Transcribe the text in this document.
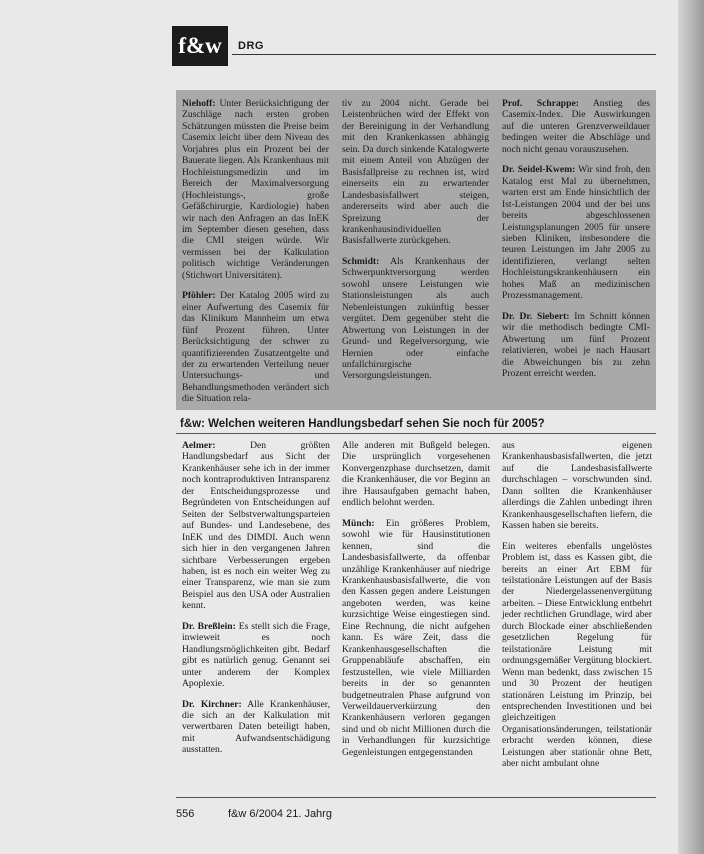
f&w	DRG

Niehoff: Unter Berücksichtigung der Zuschläge nach ersten groben Schätzungen müssten die Preise beim Casemix leicht über dem Niveau des Vorjahres plus ein Prozent bei der Bauerate liegen. Als Krankenhaus mit Hochleistungsmedizin und im Bereich der Maximalversorgung (Hochleistungs-, große Gefäßchirurgie, Kardiologie) haben wir nach den Anfragen an das InEK im September diesen gesehen, dass die CMI steigen würde. Wir vermissen bei der Kalkulation politisch wichtige Veränderungen (Stichwort Universitäten).

Pföhler: Der Katalog 2005 wird zu einer Aufwertung des Casemix für das Klinikum Mannheim um etwa fünf Prozent führen. Unter Berücksichtigung der schwer zu quantifizierenden Zusatzentgelte und der zu erwartenden Verteilung neuer Untersuchungs- und Behandlungsmethoden verändert sich die Situation rela-

tiv zu 2004 nicht. Gerade bei Leistenbrüchen wird der Effekt von der Bereinigung in der Verhandlung mit den Krankenkassen abhängig sein. Da durch sinkende Katalogwerte mit einem Anteil von Abzügen der Basisfallpreise zu rechnen ist, wird einerseits ein zu erwartender Landesbasisfallwert steigen, andererseits wird aber auch die Spreizung der krankenhausindividuellen Basisfallwerte zurückgehen.

Schmidt: Als Krankenhaus der Schwerpunktversorgung werden sowohl unsere Leistungen wie Stationsleistungen als auch Nebenleistungen zukünftig besser vergütet. Dem gegenüber steht die Abwertung von Leistungen in der Grund- und Regelversorgung, wie Hernien oder einfache unfallchirurgische Versorgungsleistungen.

Prof. Schrappe: Anstieg des Casemix-Index. Die Auswirkungen auf die unteren Grenzverweildauer bedingen weiter die Abschläge und noch nicht genau vorauszusehen.

Dr. Seidel-Kwem: Wir sind froh, den Katalog erst Mal zu übernehmen, warten erst am Ende hinsichtlich der Ist-Leistungen 2004 und der bei uns bereits abgeschlossenen Leistungsplanungen 2005 für unsere sieben Kliniken, insbesondere die teuren Leistungen im Jahr 2005 zu identifizieren, verlangt selten Hochleistungskrankenhäusern ein hohes Maß an medizinischen Prozessmanagement.

Dr. Dr. Siebert: Im Schnitt können wir die methodisch bedingte CMI-Abwertung um fünf Prozent relativieren, wobei je nach Hausart die Abweichungen bis zu zehn Prozent erreicht werden.

f&w: Welchen weiteren Handlungsbedarf sehen Sie noch für 2005?

Aelmer:	Den größten Handlungsbedarf aus Sicht der Krankenhäuser sehe ich in der immer noch kontraproduktiven Intransparenz der Entscheidungsprozesse und Begründeten von Entscheidungen auf Seiten der Selbstverwaltungsparteien auf Bundes- und Landesebene, des InEK und des DIMDI. Auch wenn sich hier in den vergangenen Jahren sichtbare Verbesserungen ergeben haben, ist es noch ein weiter Weg zu einer Transparenz, wie man sie zum Beispiel aus den USA oder Australien kennt.

Dr. Breßlein: Es stellt sich die Frage, inwieweit es noch Handlungsmöglichkeiten gibt. Bedarf gibt es natürlich genug. Genannt sei unter anderem der Komplex Apoplexie.

Dr. Kirchner: Alle Krankenhäuser, die sich an der Kalkulation mit verwertbaren Daten beteiligt haben, mit Aufwandsentschädigung ausstatten.

Alle anderen mit Bußgeld belegen. Die ursprünglich vorgesehenen Konvergenzphase durchsetzen, damit die Krankenhäuser, die vor Beginn an ihre Hausaufgaben gemacht haben, endlich belohnt werden.

Münch: Ein größeres Problem, sowohl wie für Hausinstitutionen kennen, sind die Landesbasisfallwerte, da offenbar unzählige Krankenhäuser auf niedrige Krankenhausbasisfallwerte, die von den Kassen gegen andere Leistungen angeboten werden, was keine kurzsichtige Weise eingestiegen sind. Eine Rechnung, die nicht aufgehen kann. Es wäre Zeit, dass die Krankenhausgesellschaften die Gruppenabläufe abschaffen, ein festzustellen, wie viele Milliarden bereits in der so genannten budgetneutralen Phase aufgrund von Verweildauerverkürzung den Krankenhäusern verloren gegangen sind und ob nicht Millionen durch die in Verhandlungen für kurzsichtige Gegenleistungen entgegenstanden

aus eigenen Krankenhausbasisfallwerten, die jetzt auf die Landesbasisfallwerte durchschlagen – vorschwunden sind. Dann sollten die Krankenhäuser allerdings die Zahlen unbedingt ihren Krankenhausgesellschaften liefern, die Kassen haben sie bereits.

Ein weiteres ebenfalls ungelöstes Problem ist, dass es Kassen gibt, die bereits an einer Art EBM für teilstationäre Leistungen auf der Basis der Niedergelassenenvergütung arbeiten. – Diese Entwicklung entbehrt jeder rechtlichen Grundlage, wird aber durch Blockade einer abschließenden gesetzlichen Regelung für teilstationäre Leistung mit ordnungsgemäßer Vergütung blockiert. Wenn man bedenkt, dass zwischen 15 und 30 Prozent der heutigen stationären Leistung im Prinzip, bei entsprechenden Investitionen und bei gleichzeitigen Organisationsänderungen, teilstationär erbracht werden können, diese Leistungen aber stationär ohne Bett, aber nicht ambulant ohne

556	f&w 6/2004 21. Jahrg
